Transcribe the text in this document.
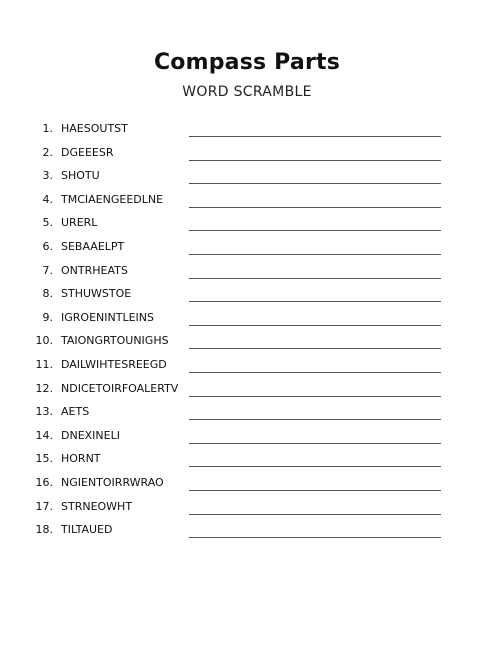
Compass Parts
WORD SCRAMBLE
1. HAESOUTST
2. DGEEESR
3. SHOTU
4. TMCIAENGEEDLNE
5. URERL
6. SEBAAELPT
7. ONTRHEATS
8. STHUWSTOE
9. IGROENINTLEINS
10. TAIONGRTOUNIGHS
11. DAILWIHTESREEGD
12. NDICETOIRFOALERTV
13. AETS
14. DNEXINELI
15. HORNT
16. NGIENTOIRRWRAO
17. STRNEOWHT
18. TILTAUED
